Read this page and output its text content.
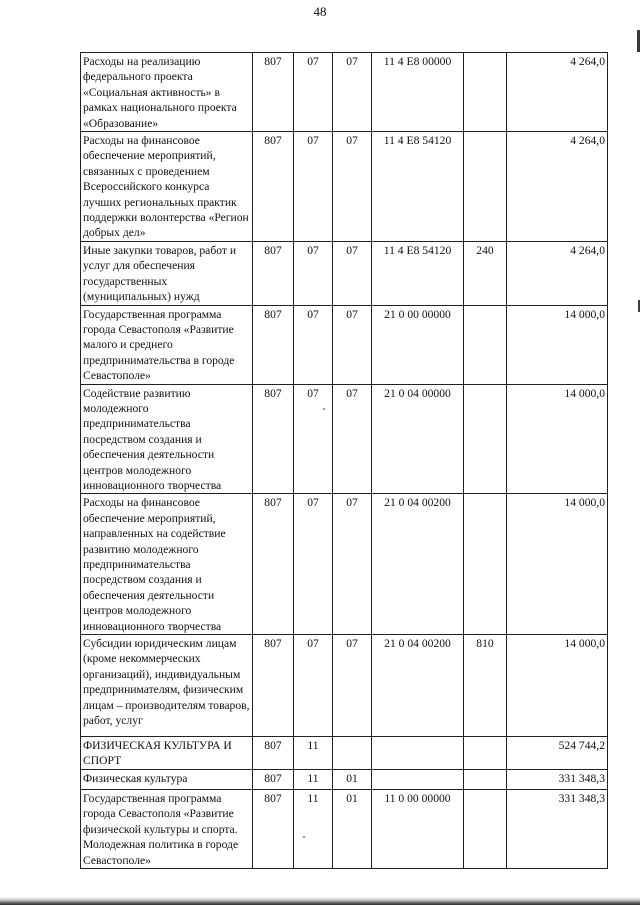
48
Расходы на реализацию федерального проекта «Социальная активность» в рамках национального проекта «Образование»	807	07	07	11 4 E8 00000		4 264,0
Расходы на финансовое обеспечение мероприятий, связанных с проведением Всероссийского конкурса лучших региональных практик поддержки волонтерства «Регион добрых дел»	807	07	07	11 4 E8 54120		4 264,0
Иные закупки товаров, работ и услуг для обеспечения государственных (муниципальных) нужд	807	07	07	11 4 E8 54120	240	4 264,0
Государственная программа города Севастополя «Развитие малого и среднего предпринимательства в городе Севастополе»	807	07	07	21 0 00 00000		14 000,0
Содействие развитию молодежного предпринимательства посредством создания и обеспечения деятельности центров молодежного инновационного творчества	807	07	07	21 0 04 00000		14 000,0
Расходы на финансовое обеспечение мероприятий, направленных на содействие развитию молодежного предпринимательства посредством создания и обеспечения деятельности центров молодежного инновационного творчества	807	07	07	21 0 04 00200		14 000,0
Субсидии юридическим лицам (кроме некоммерческих организаций), индивидуальным предпринимателям, физическим лицам – производителям товаров, работ, услуг	807	07	07	21 0 04 00200	810	14 000,0
ФИЗИЧЕСКАЯ КУЛЬТУРА И СПОРТ	807	11				524 744,2
Физическая культура	807	11	01			331 348,3
Государственная программа города Севастополя «Развитие физической культуры и спорта. Молодежная политика в городе Севастополе»	807	11	01	11 0 00 00000		331 348,3
